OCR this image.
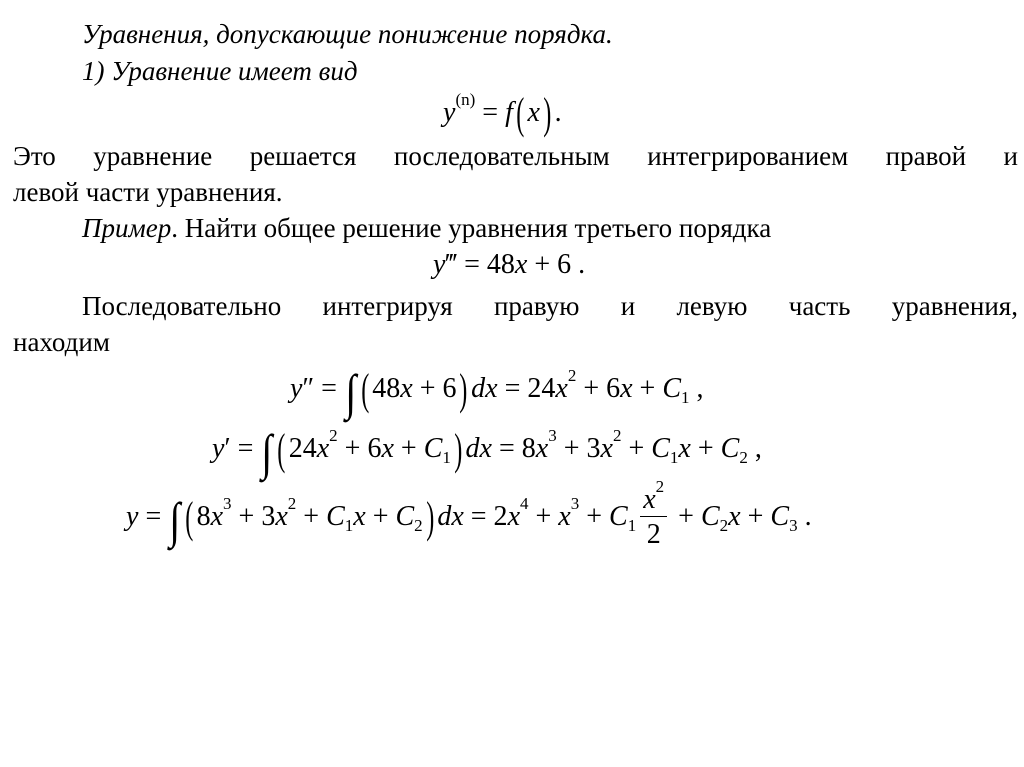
Уравнения, допускающие понижение порядка.
1) Уравнение имеет вид
$y^{(n)} = f$( x) .
Это уравнение решается последовательным интегрированием правой и
левой части уравнения.
Пример. Найти общее решение уравнения третьего порядка
y‴ = 48x + 6 .
Последовательно интегрируя правую и левую часть уравнения,
находим
y″ = ∫ ( 48x + 6) dx = $24x^2 + 6x + C_1$ ,
y′ = ∫ ( $24x^2 + 6x + C_1$) dx = $8x^3 + 3x^2 + C_1x + C_2$ ,
y = ∫ ( $8x^3 + 3x^2 + C_1x + C_2$) dx = $2x^4 + x^3 + C_1 \frac{x^2}{2} + C_2x + C_3$ .
